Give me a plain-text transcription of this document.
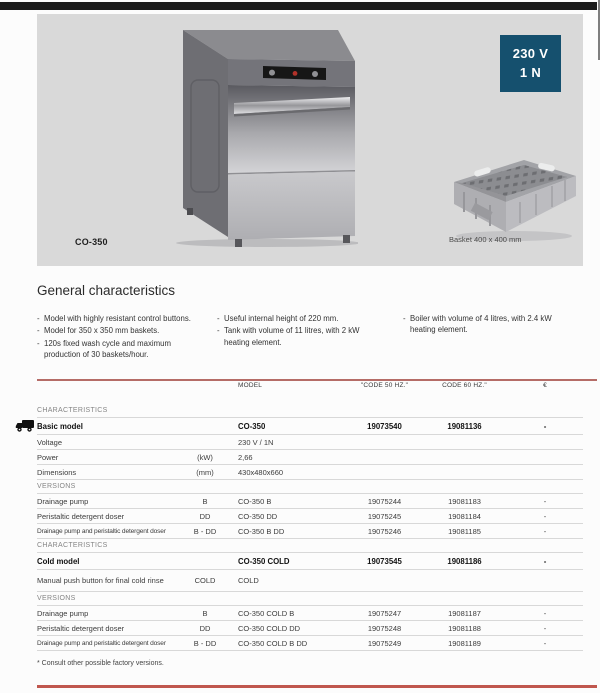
230 V
1 N
CO-350	Basket 400 x 400 mm
General characteristics
- Model with highly resistant control buttons.
- Model for 350 x 350 mm baskets.
- 120s fixed wash cycle and maximum production of 30 baskets/hour.
- Useful internal height of 220 mm.
- Tank with volume of 11 litres, with 2 kW heating element.
- Boiler with volume of 4 litres, with 2.4 kW heating element.
MODEL	"CODE 50 HZ."	CODE 60 HZ."	€
CHARACTERISTICS
Basic model	CO-350	19073540	19081136	-
Voltage	230 V / 1N
Power	(kW)	2,66
Dimensions	(mm)	430x480x660
VERSIONS
Drainage pump	B	CO-350 B	19075244	19081183	-
Peristaltic detergent doser	DD	CO-350 DD	19075245	19081184	-
Drainage pump and peristaltic detergent doser	B - DD	CO-350 B DD	19075246	19081185	-
CHARACTERISTICS
Cold model	CO-350 COLD	19073545	19081186	-
Manual push button for final cold rinse	COLD	COLD
VERSIONS
Drainage pump	B	CO-350 COLD B	19075247	19081187	-
Peristaltic detergent doser	DD	CO-350 COLD DD	19075248	19081188	-
Drainage pump and peristaltic detergent doser	B - DD	CO-350 COLD B DD	19075249	19081189	-
* Consult other possible factory versions.
